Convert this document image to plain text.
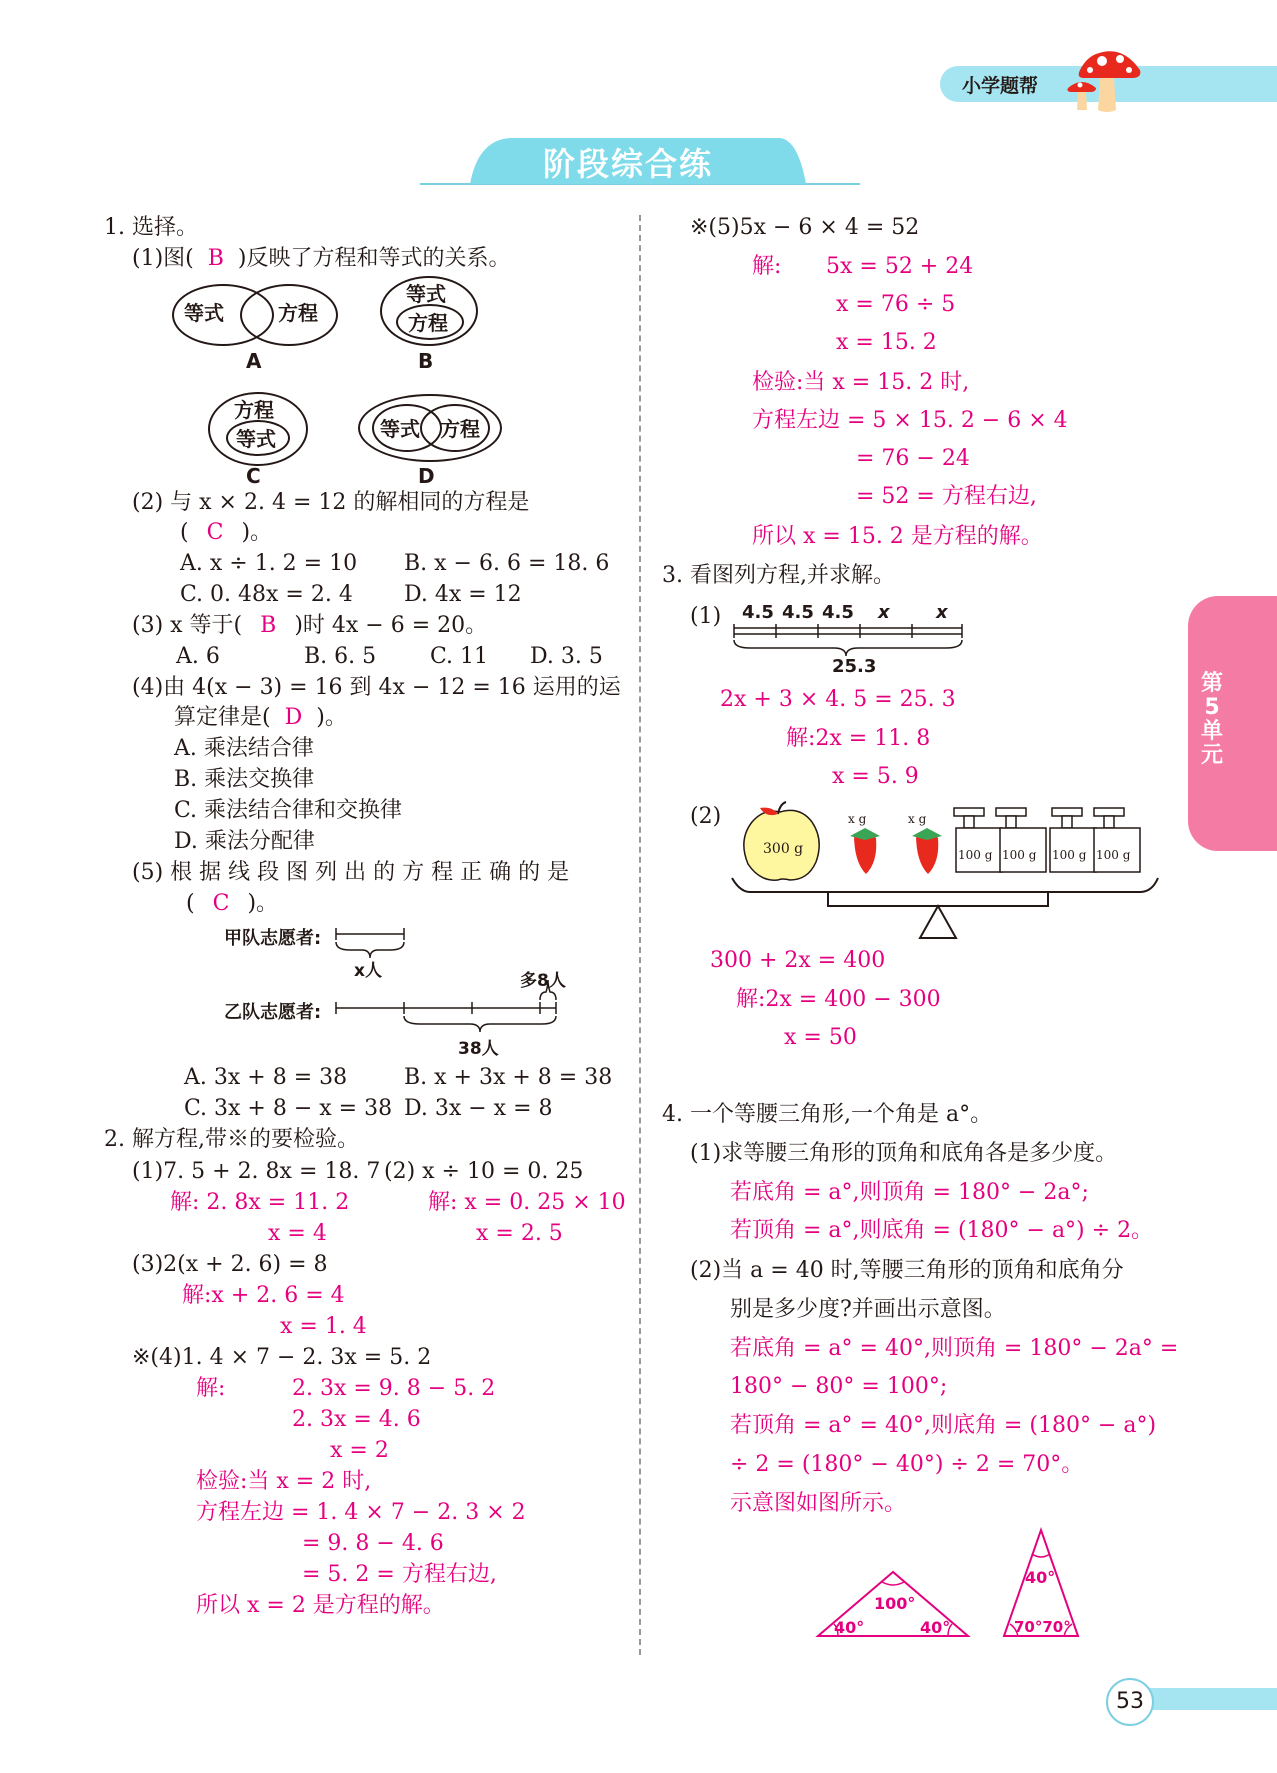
小学题帮
阶段综合练
第5单元
1. 选择。
(1)图( B )反映了方程和等式的关系。
等式	方程
A
等式
方程
B
方程
等式
C
等式 方程
D
(2) 与 x × 2. 4 = 12 的解相同的方程是
( C )。
A. x ÷ 1. 2 = 10 B. x − 6. 6 = 18. 6
C. 0. 48x = 2. 4 D. 4x = 12
(3) x 等于( B )时 4x − 6 = 20。
A. 6	B. 6. 5 C. 11 D. 3. 5
(4)由 4(x − 3) = 16 到 4x − 12 = 16 运用的运
算定律是( D )。
A. 乘法结合律
B. 乘法交换律
C. 乘法结合律和交换律
D. 乘法分配律
(5) 根 据 线 段 图 列 出 的 方 程 正 确 的 是
( C )。
甲队志愿者:
乙队志愿者:
x人	多8人
38人
A. 3x + 8 = 38	B. x + 3x + 8 = 38
C. 3x + 8 − x = 38 D. 3x − x = 8
2. 解方程,带※的要检验。
(1)7. 5 + 2. 8x = 18. 7 (2) x ÷ 10 = 0. 25
解: 2. 8x = 11. 2
x = 4
解: x = 0. 25 × 10
x = 2. 5
(3)2(x + 2. 6) = 8
解:x + 2. 6 = 4
x = 1. 4
※(4)1. 4 × 7 − 2. 3x = 5. 2
解:	2. 3x = 9. 8 − 5. 2
2. 3x = 4. 6
x = 2
检验:当 x = 2 时,
方程左边 = 1. 4 × 7 − 2. 3 × 2
= 9. 8 − 4. 6
= 5. 2 = 方程右边,
所以 x = 2 是方程的解。
※(5)5x − 6 × 4 = 52
解: 5x = 52 + 24
x = 76 ÷ 5
x = 15. 2
检验:当 x = 15. 2 时,
方程左边 = 5 × 15. 2 − 6 × 4
= 76 − 24
= 52 = 方程右边,
所以 x = 15. 2 是方程的解。
3. 看图列方程,并求解。
(1) 4.5 4.5 4.5 x	x
25.3
2x + 3 × 4. 5 = 25. 3
解:2x = 11. 8
x = 5. 9
(2)
300 g
x g	x g
100 g 100 g 100 g 100 g
300 + 2x = 400
解:2x = 400 − 300
x = 50
4. 一个等腰三角形,一个角是 a°。
(1)求等腰三角形的顶角和底角各是多少度。
若底角 = a°,则顶角 = 180° − 2a°;
若顶角 = a°,则底角 = (180° − a°) ÷ 2。
(2)当 a = 40 时,等腰三角形的顶角和底角分
别是多少度?并画出示意图。
若底角 = a° = 40°,则顶角 = 180° − 2a° =
180° − 80° = 100°;
若顶角 = a° = 40°,则底角 = (180° − a°)
÷ 2 = (180° − 40°) ÷ 2 = 70°。
示意图如图所示。
100°
40°	40°
40°
70°70°
53
